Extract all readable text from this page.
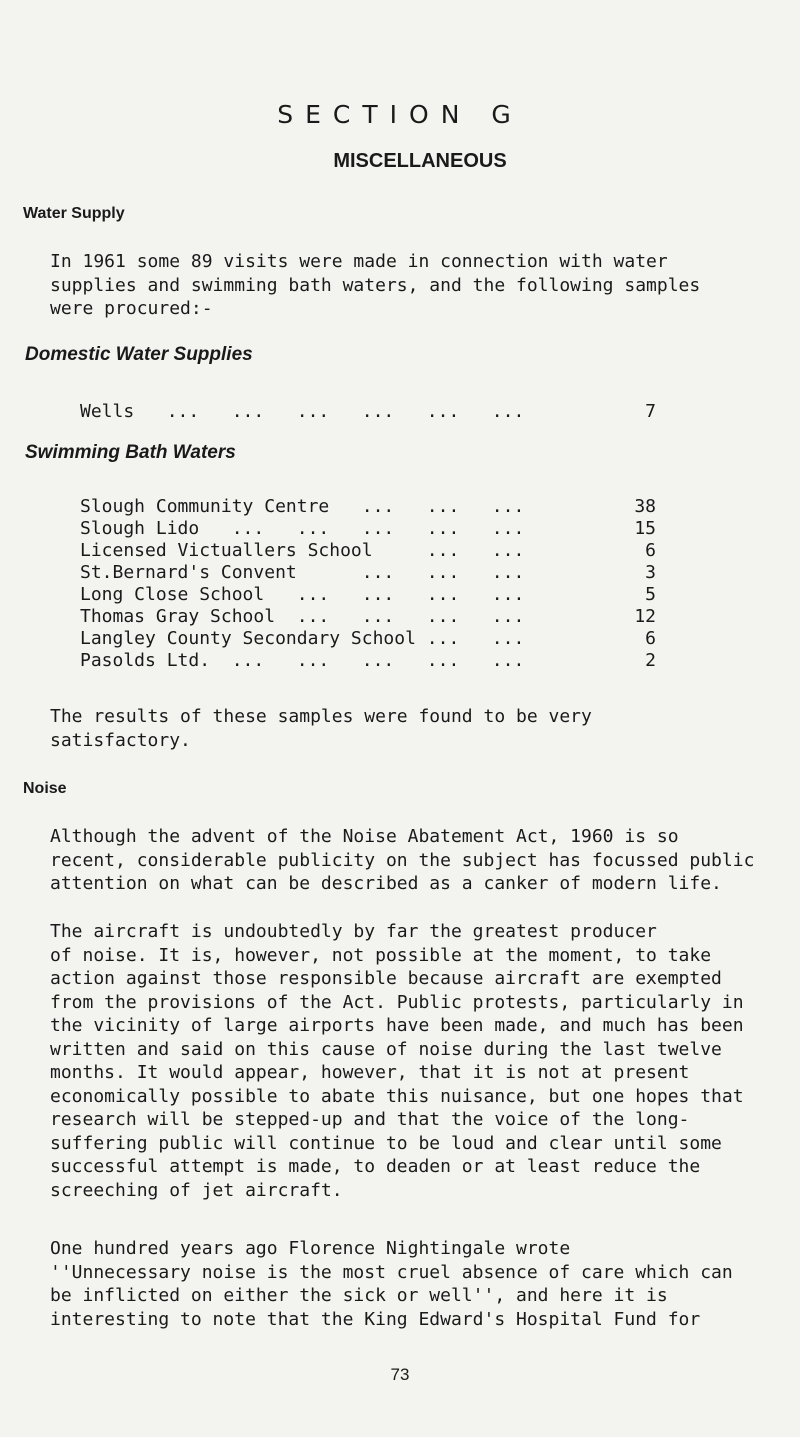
SECTION G
MISCELLANEOUS
Water Supply
In 1961 some 89 visits were made in connection with water
supplies and swimming bath waters, and the following samples
were procured:-
Domestic Water Supplies
Wells   ...   ...   ...   ...   ...   ...	7
Swimming Bath Waters
Slough Community Centre   ...   ...   ...	38
Slough Lido   ...   ...   ...   ...   ...	15
Licensed Victuallers School     ...   ...	6
St.Bernard's Convent      ...   ...   ...	3
Long Close School   ...   ...   ...   ...	5
Thomas Gray School  ...   ...   ...   ...	12
Langley County Secondary School ...   ...	6
Pasolds Ltd.  ...   ...   ...   ...   ...	2
The results of these samples were found to be very
satisfactory.
Noise
Although the advent of the Noise Abatement Act, 1960 is so
recent, considerable publicity on the subject has focussed public
attention on what can be described as a canker of modern life.
The aircraft is undoubtedly by far the greatest producer
of noise. It is, however, not possible at the moment, to take
action against those responsible because aircraft are exempted
from the provisions of the Act. Public protests, particularly in
the vicinity of large airports have been made, and much has been
written and said on this cause of noise during the last twelve
months. It would appear, however, that it is not at present
economically possible to abate this nuisance, but one hopes that
research will be stepped-up and that the voice of the long-
suffering public will continue to be loud and clear until some
successful attempt is made, to deaden or at least reduce the
screeching of jet aircraft.
One hundred years ago Florence Nightingale wrote
''Unnecessary noise is the most cruel absence of care which can
be inflicted on either the sick or well'', and here it is
interesting to note that the King Edward's Hospital Fund for
73
